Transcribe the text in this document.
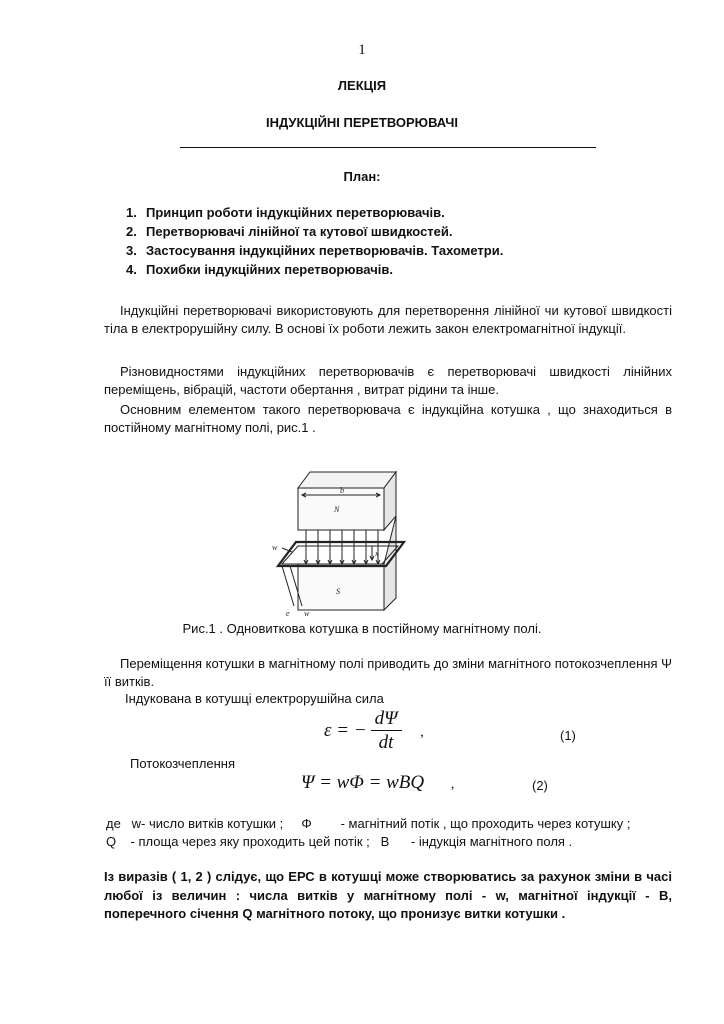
1
ЛЕКЦІЯ
ІНДУКЦІЙНІ ПЕРЕТВОРЮВАЧІ
План:
1. Принцип роботи індукційних перетворювачів.
2. Перетворювачі лінійної та кутової швидкостей.
3. Застосування індукційних перетворювачів. Тахометри.
4. Похибки індукційних перетворювачів.

Індукційні перетворювачі використовують для перетворення лінійної чи кутової швидкості тіла в електрорушійну силу. В основі їх роботи лежить закон електромагнітної індукції.

Різновидностями індукційних перетворювачів є перетворювачі швидкості лінійних переміщень, вібрацій, частоти обертання , витрат рідини та інше.

Основним елементом такого перетворювача є індукційна котушка , що знаходиться в постійному магнітному полі, рис.1 .

b
N
S
w
x
e w
Рис.1 . Одновиткова котушка в постійному магнітному полі.

Переміщення котушки в магнітному полі приводить до зміни магнітного потокозчеплення Ψ її витків.

Індукована в котушці електрорушійна сила
ε = − $\frac{d\Psi}{dt}$ ,	(1)
Потокозчеплення
Ψ = wΦ = wBQ ,	(2)
де   w- число витків котушки ;     Φ        - магнітний потік , що проходить через котушку ;
Q    - площа через яку проходить цей потік ;   В      - індукція магнітного поля .

Із виразів ( 1, 2 ) слідує, що ЕРС в котушці може створюватись за рахунок зміни в часі любої із величин : числа витків у магнітному полі - w, магнітної індукції - В, поперечного січення Q магнітного потоку, що пронизує витки котушки .
